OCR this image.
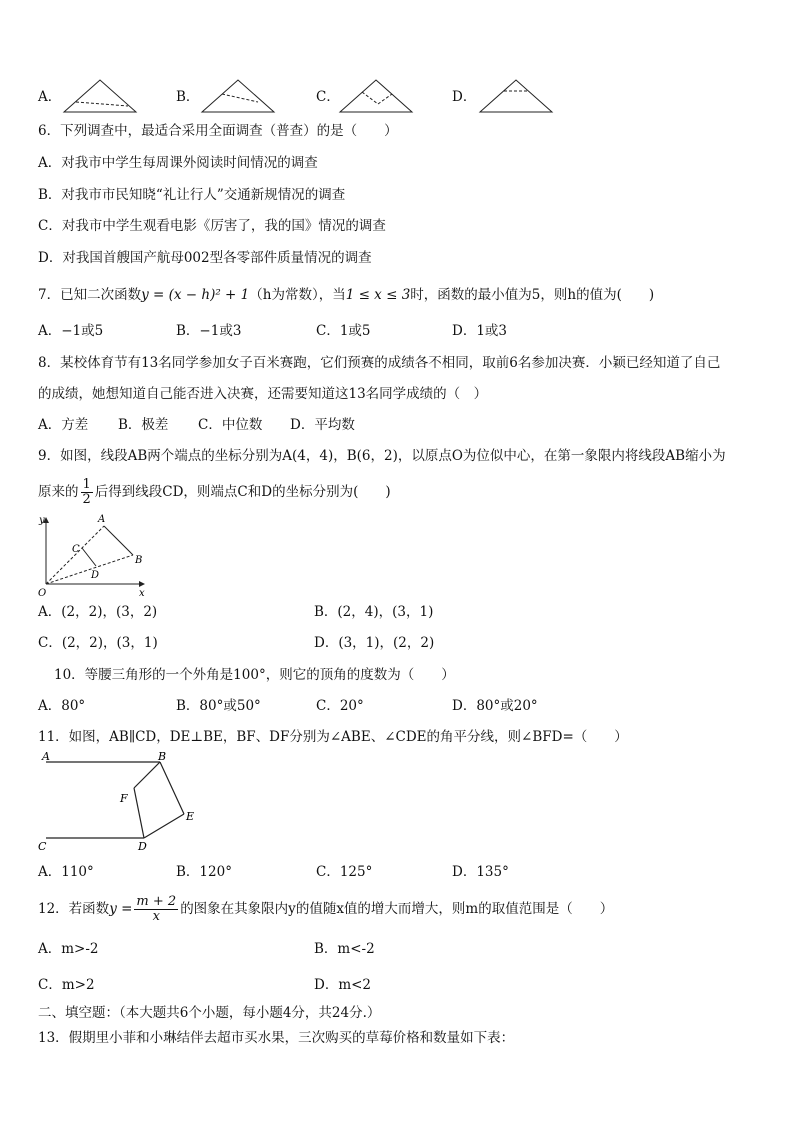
A．	B．	C．	D．
6．下列调查中，最适合采用全面调查（普查）的是（　　）
A．对我市中学生每周课外阅读时间情况的调查
B．对我市市民知晓“礼让行人”交通新规情况的调查
C．对我市中学生观看电影《厉害了，我的国》情况的调查
D．对我国首艘国产航母002型各零部件质量情况的调查
7．已知二次函数y = (x − h)² + 1（h为常数），当1 ≤ x ≤ 3时，函数的最小值为5，则h的值为(　　)
A．−1或5	B．−1或3	C．1或5	D．1或3
8．某校体育节有13名同学参加女子百米赛跑，它们预赛的成绩各不相同，取前6名参加决赛．小颖已经知道了自己
的成绩，她想知道自己能否进入决赛，还需要知道这13名同学成绩的（　）
A．方差 B．极差 C．中位数 D．平均数
9．如图，线段AB两个端点的坐标分别为A(4，4)，B(6，2)，以原点O为位似中心，在第一象限内将线段AB缩小为
原来的 $\frac{1}{2}$ 后得到线段CD，则端点C和D的坐标分别为(　　)
y
x
O
A
B
C
D
A．(2，2)，(3，2)	B．(2，4)，(3，1)
C．(2，2)，(3，1)	D．(3，1)，(2，2)
10．等腰三角形的一个外角是100°，则它的顶角的度数为（　　）
A．80°	B．80°或50°	C．20°	D．80°或20°
11．如图，AB∥CD，DE⊥BE，BF、DF分别为∠ABE、∠CDE的角平分线，则∠BFD=（　　）
A	B
C	D
E
F
A．110°	B．120°	C．125°	D．135°
12．若函数$y = \frac{m + 2}{x}$ 的图象在其象限内y的值随x值的增大而增大，则m的取值范围是（　　）
A．m>-2	B．m<-2
C．m>2	D．m<2
二、填空题：（本大题共6个小题，每小题4分，共24分.）
13．假期里小菲和小琳结伴去超市买水果，三次购买的草莓价格和数量如下表：
